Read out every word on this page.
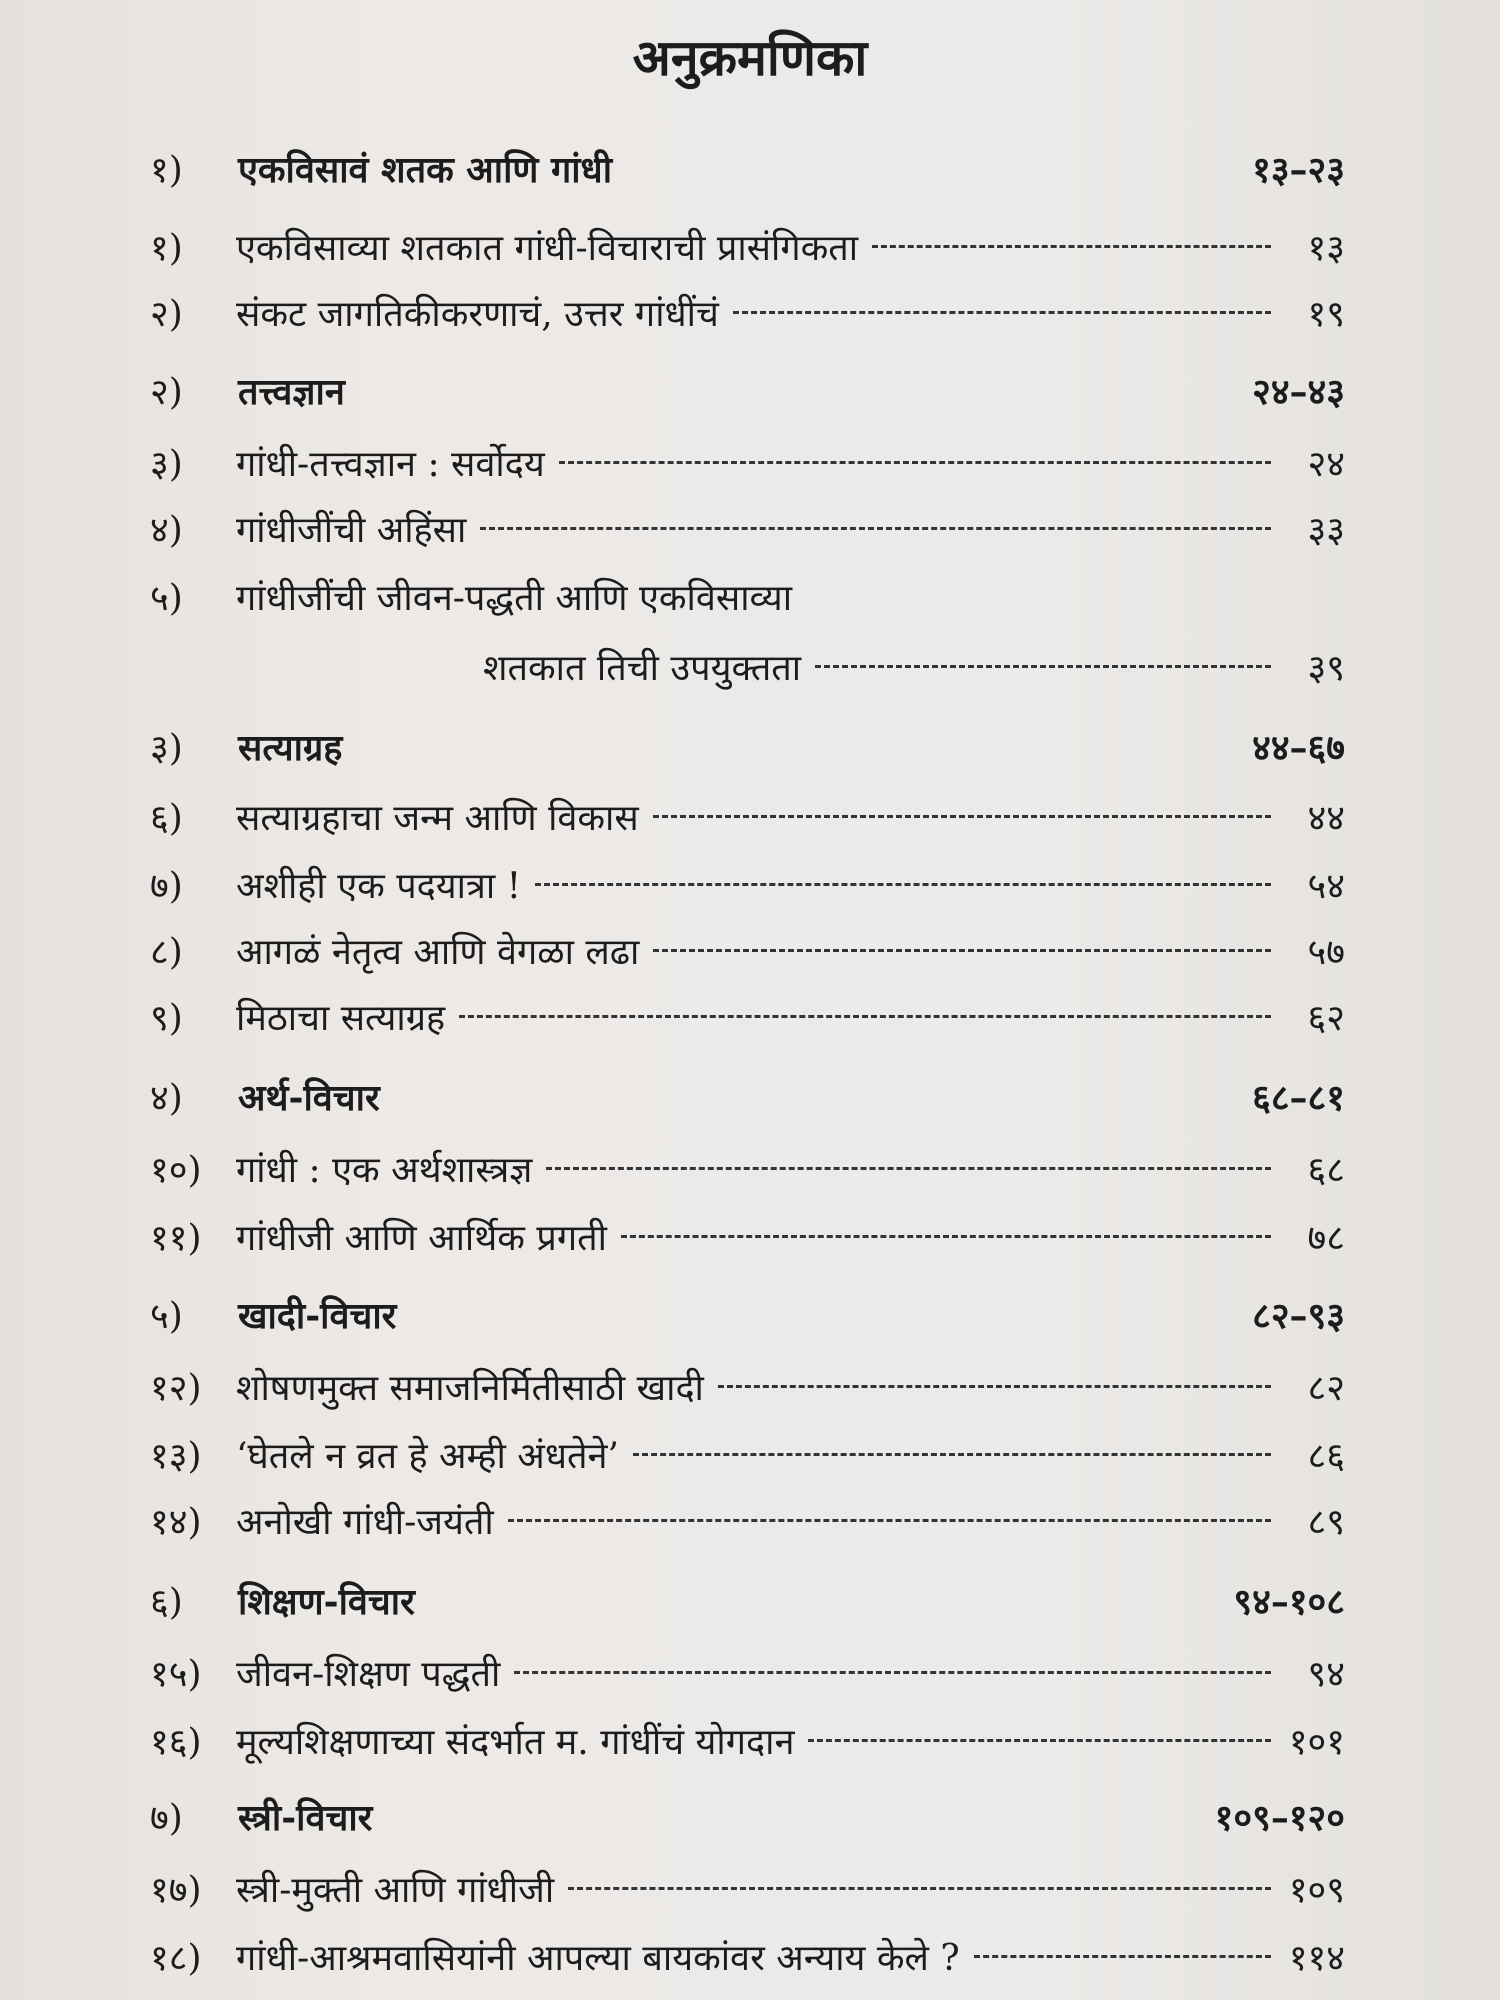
अनुक्रमणिका
१)	एकविसावं शतक आणि गांधी	१३–२३
१)	एकविसाव्या शतकात गांधी-विचाराची प्रासंगिकता	१३
२)	संकट जागतिकीकरणाचं, उत्तर गांधींचं	१९
२)	तत्त्वज्ञान	२४–४३
३)	गांधी-तत्त्वज्ञान : सर्वोदय	२४
४)	गांधीजींची अहिंसा	३३
५)	गांधीजींची जीवन-पद्धती आणि एकविसाव्या
शतकात तिची उपयुक्तता	३९
३)	सत्याग्रह	४४–६७
६)	सत्याग्रहाचा जन्म आणि विकास	४४
७)	अशीही एक पदयात्रा !	५४
८)	आगळं नेतृत्व आणि वेगळा लढा	५७
९)	मिठाचा सत्याग्रह	६२
४)	अर्थ-विचार	६८–८१
१०) गांधी : एक अर्थशास्त्रज्ञ	६८
११) गांधीजी आणि आर्थिक प्रगती	७८
५)	खादी-विचार	८२–९३
१२) शोषणमुक्त समाजनिर्मितीसाठी खादी	८२
१३) ‘घेतले न व्रत हे अम्ही अंधतेने’	८६
१४) अनोखी गांधी-जयंती	८९
६)	शिक्षण-विचार	९४–१०८
१५) जीवन-शिक्षण पद्धती	९४
१६) मूल्यशिक्षणाच्या संदर्भात म. गांधींचं योगदान	१०१
७)	स्त्री-विचार	१०९–१२०
१७) स्त्री-मुक्ती आणि गांधीजी	१०९
१८) गांधी-आश्रमवासियांनी आपल्या बायकांवर अन्याय केले ?	११४
